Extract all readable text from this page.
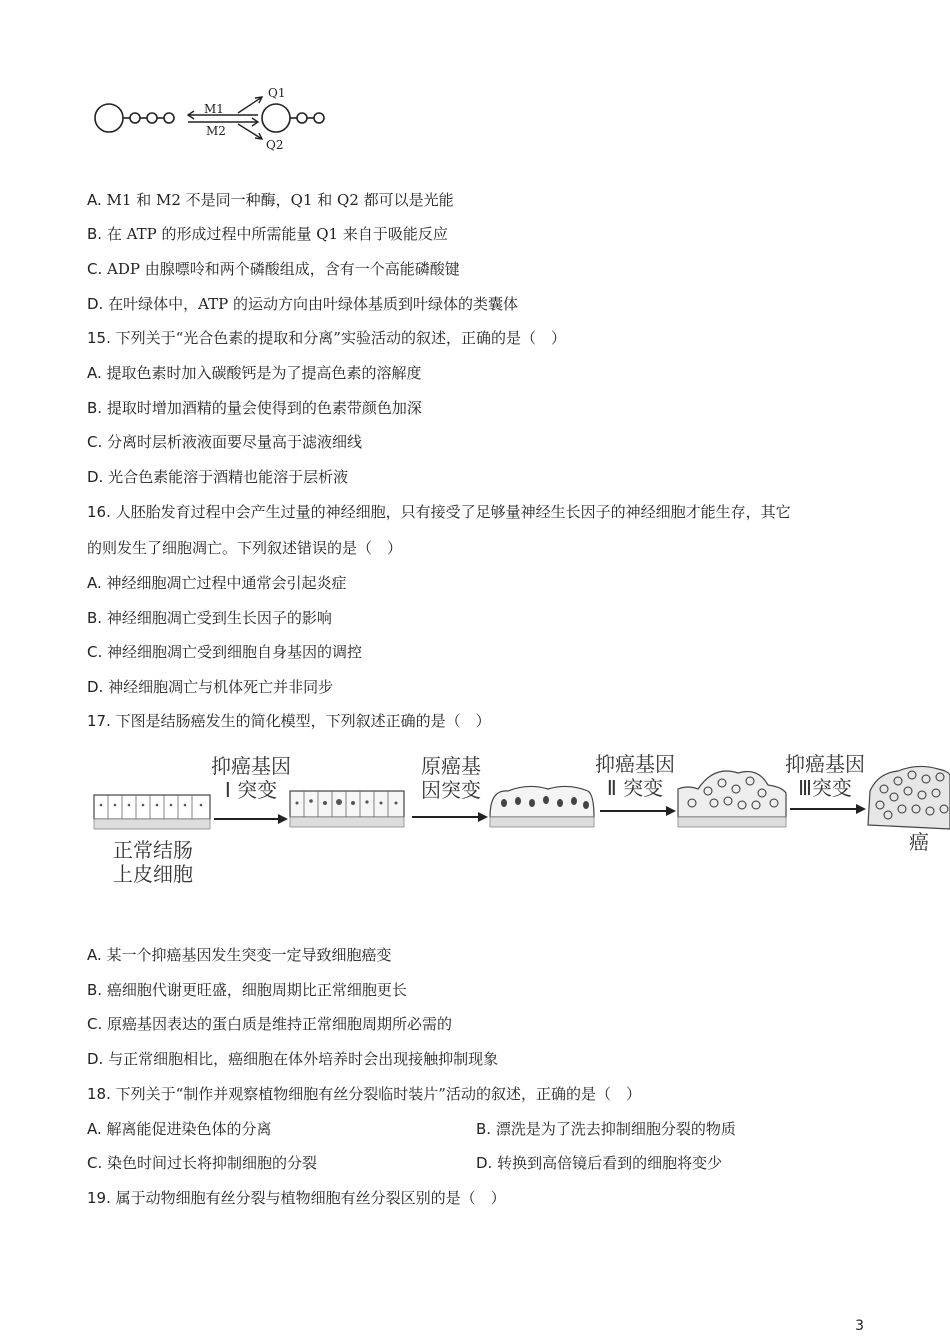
M1
M2
Q1
Q2
A. M1 和 M2 不是同一种酶，Q1 和 Q2 都可以是光能
B. 在 ATP 的形成过程中所需能量 Q1 来自于吸能反应
C. ADP 由腺嘌呤和两个磷酸组成，含有一个高能磷酸键
D. 在叶绿体中，ATP 的运动方向由叶绿体基质到叶绿体的类囊体
15. 下列关于“光合色素的提取和分离”实验活动的叙述，正确的是（　）
A. 提取色素时加入碳酸钙是为了提高色素的溶解度
B. 提取时增加酒精的量会使得到的色素带颜色加深
C. 分离时层析液液面要尽量高于滤液细线
D. 光合色素能溶于酒精也能溶于层析液
16. 人胚胎发育过程中会产生过量的神经细胞，只有接受了足够量神经生长因子的神经细胞才能生存，其它
的则发生了细胞凋亡。下列叙述错误的是（　）
A. 神经细胞凋亡过程中通常会引起炎症
B. 神经细胞凋亡受到生长因子的影响
C. 神经细胞凋亡受到细胞自身基因的调控
D. 神经细胞凋亡与机体死亡并非同步
17. 下图是结肠癌发生的简化模型，下列叙述正确的是（　）
正常结肠
上皮细胞
抑癌基因
Ⅰ 突变
原癌基
因突变
抑癌基因
Ⅱ 突变
抑癌基因
Ⅲ突变
癌
A. 某一个抑癌基因发生突变一定导致细胞癌变
B. 癌细胞代谢更旺盛，细胞周期比正常细胞更长
C. 原癌基因表达的蛋白质是维持正常细胞周期所必需的
D. 与正常细胞相比，癌细胞在体外培养时会出现接触抑制现象
18. 下列关于“制作并观察植物细胞有丝分裂临时装片”活动的叙述，正确的是（　）
A. 解离能促进染色体的分离	B. 漂洗是为了洗去抑制细胞分裂的物质
C. 染色时间过长将抑制细胞的分裂	D. 转换到高倍镜后看到的细胞将变少
19. 属于动物细胞有丝分裂与植物细胞有丝分裂区别的是（　）
3
